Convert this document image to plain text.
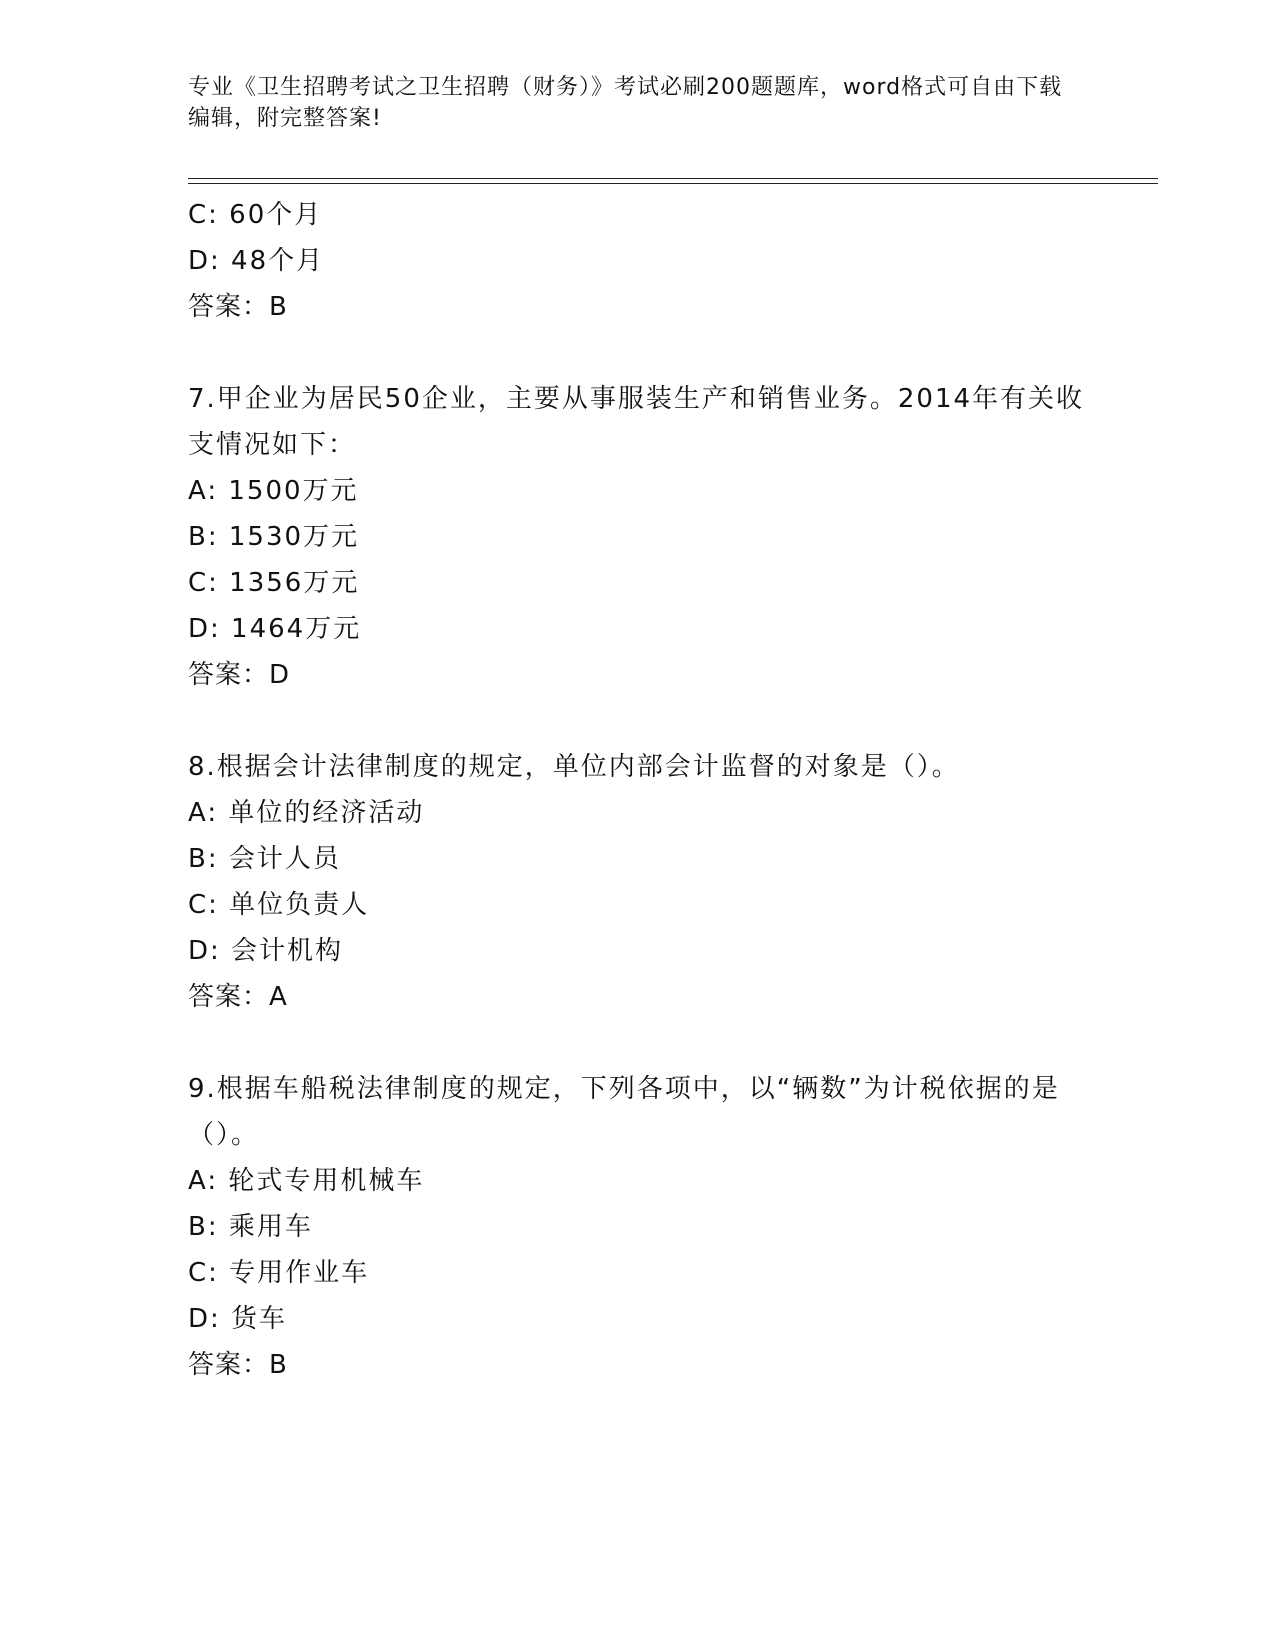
专业《卫生招聘考试之卫生招聘（财务）》考试必刷200题题库，word格式可自由下载编辑，附完整答案!
C: 60个月
D: 48个月
答案：B
7.甲企业为居民50企业，主要从事服装生产和销售业务。2014年有关收支情况如下：
A: 1500万元
B: 1530万元
C: 1356万元
D: 1464万元
答案：D
8.根据会计法律制度的规定，单位内部会计监督的对象是（）。
A: 单位的经济活动
B: 会计人员
C: 单位负责人
D: 会计机构
答案：A
9.根据车船税法律制度的规定，下列各项中，以“辆数”为计税依据的是（）。
A: 轮式专用机械车
B: 乘用车
C: 专用作业车
D: 货车
答案：B
